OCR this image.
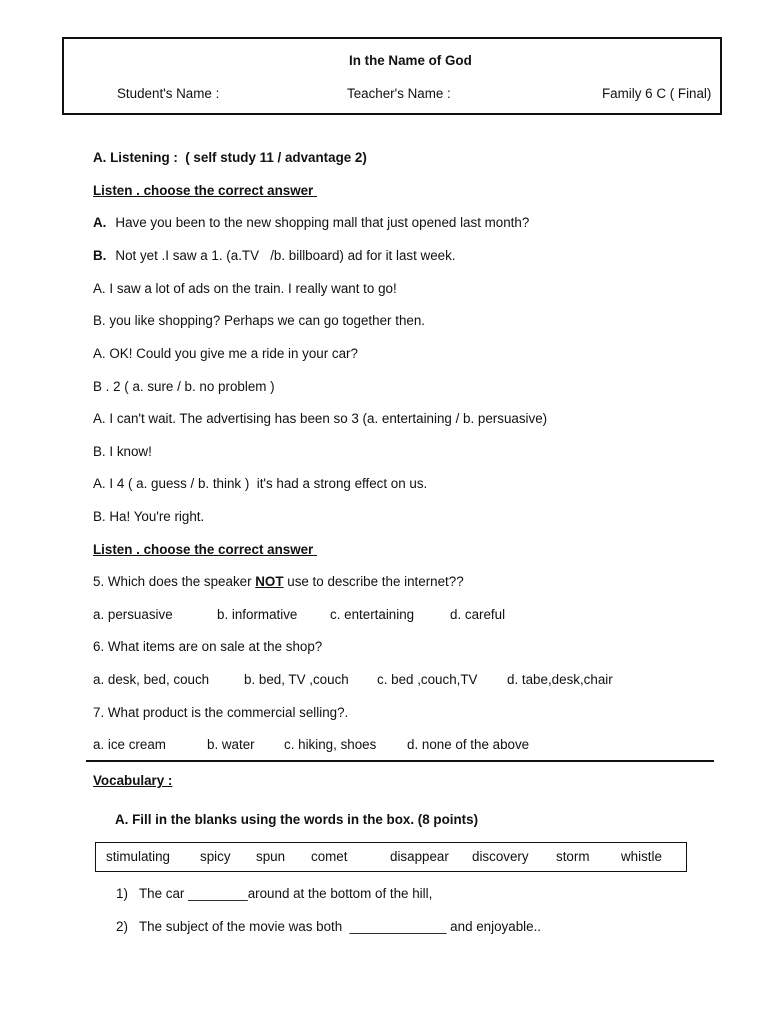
In the Name of God
Student's Name :	Teacher's Name :	Family 6 C ( Final)
A. Listening :  ( self study 11 / advantage 2)
Listen . choose the correct answer
A. Have you been to the new shopping mall that just opened last month?
B. Not yet .I saw a 1. (a.TV   /b. billboard) ad for it last week.
A. I saw a lot of ads on the train. I really want to go!
B. you like shopping? Perhaps we can go together then.
A. OK! Could you give me a ride in your car?
B . 2 ( a. sure / b. no problem )
A. I can't wait. The advertising has been so 3 (a. entertaining / b. persuasive)
B. I know!
A. I 4 ( a. guess / b. think )  it's had a strong effect on us.
B. Ha! You're right.
Listen . choose the correct answer
5. Which does the speaker NOT use to describe the internet??
a. persuasive	b. informative c. entertaining	d. careful
6. What items are on sale at the shop?
a. desk, bed, couch	b. bed, TV ,couch c. bed ,couch,TV d. tabe,desk,chair
7. What product is the commercial selling?.
a. ice cream	b. water c. hiking, shoes d. none of the above
Vocabulary :
A. Fill in the blanks using the words in the box. (8 points)
stimulating spicy spun comet	disappear discovery storm whistle
1) The car ________around at the bottom of the hill,
2) The subject of the movie was both  _____________ and enjoyable..
